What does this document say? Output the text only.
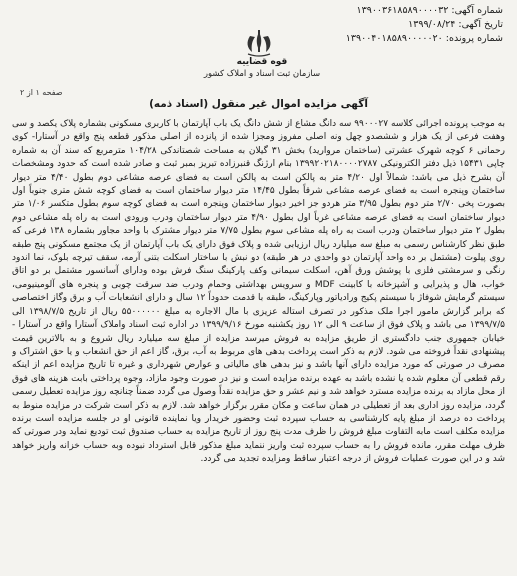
شماره آگهی: ۱۳۹۰۰۳۶۱۸۵۸۹۰۰۰۰۳۲
تاریخ آگهی: ۱۳۹۹/۰۸/۲۴
شماره پرونده: ۱۳۹۰۰۴۰۱۸۵۸۹۰۰۰۰۰۲۰
قوه قضاییه
سازمان ثبت اسناد و املاک کشور
صفحه ۱ از ۲
آگهی مزایده اموال غیر منقول (اسناد ذمه)

به موجب پرونده اجرائی کلاسه ۹۹۰۰۰۲۷ سه دانگ مشاع از شش دانگ یک باب آپارتمان با کاربری مسکونی بشماره پلاک یکصد و سی وهفت فرعی از یک هزار و ششصدو چهل ونه اصلی مفروز ومجزا شده از پانزده از اصلی مذکور قطعه پنج واقع در آستارا- کوی رحمانی ۶ کوچه شهرک عشرتی (ساختمان مروارید) بخش ۳۱ گیلان به مساحت شصتاندکی ۱۰۴/۲۸ مترمربع که سند آن به شماره چاپی ۱۵۴۳۱ ذیل دفتر الکترونیکی ۱۳۹۹۲۰۲۱۸۰۰۰۰۲۷۸۷ بنام ارژنگ قنبرزاده تبریز بمبر ثبت و صادر شده است که حدود ومشخصات آن بشرح ذیل می باشد: شمالاً اول ۴/۲۰ متر به پالکن است به پالکن است به فضای عرصه مشاعی دوم بطول ۴/۴۰ متر دیوار ساختمان وپنجره است به فضای عرصه مشاعی شرقاً بطول ۱۴/۴۵ متر دیوار ساختمان است به فضای کوچه شش متری جنوباً اول بصورت پخی ۲/۷۰ متر دوم بطول ۳/۹۵ متر هردو جز اخیر دیوار ساختمان وپنجره است به فضای کوچه سوم بطول متکسر ۱/۰۶ متر دیوار ساختمان است به فضای عرصه مشاعی غرباً اول بطول ۴/۹۰ متر دیوار ساختمان ودرب ورودی است به راه پله مشاعی دوم بطول ۲ متر دیوار ساختمان ودرب است به راه پله مشاعی سوم بطول ۷/۷۵ متر دیوار مشترک با واحد مجاور بشماره ۱۳۸ فرعی که طبق نظر کارشناس رسمی به مبلغ سه میلیارد ریال ارزیابی شده و پلاک فوق دارای یک باب آپارتمان از یک مجتمع مسکونی پنج طبقه روی پیلوت (مشتمل بر ده واحد آپارتمان دو واحدی در هر طبقه) دو نبش با ساختار اسکلت بتنی آرمه، سقف تیرچه بلوک، نما اندود رنگی و سرمشتی فلزی با پوشش ورق آهن، اسکلت سیمانی وکف پارکینگ سنگ فرش بوده ودارای آسانسور مشتمل بر دو اتاق خواب، هال و پذیرایی و آشپزخانه با کابینت MDF و سرویس بهداشتی وحمام ودرب ضد سرقت چوبی و پنجره های آلومینیومی، سیستم گرمایش شوفاژ با سیستم پکیج ورادیاتور وپارکینگ، طبقه با قدمت حدوداً ۱۲ سال و دارای انشعابات آب و برق وگاز اختصاصی که برابر گزارش مامور اجرا ملک مذکور در تصرف استاله عزیزی با مال الاجاره به مبلغ ۵۵۰۰۰۰۰۰ ریال از تاریخ ۱۳۹۸/۷/۵ الی ۱۳۹۹/۷/۵ می باشد و پلاک فوق از ساعت ۹ الی ۱۲ روز یکشنبه مورخ ۱۳۹۹/۹/۱۶ در اداره ثبت اسناد واملاک آستارا واقع در آستارا - خیابان جمهوری جنب دادگستری از طریق مزایده به فروش میرسد مزایده از مبلغ سه میلیارد ریال شروع و به بالاترین قیمت پیشنهادی نقداً فروخته می شود. لازم به ذکر است پرداخت بدهی های مربوط به آب، برق، گاز اعم از حق انشعاب و یا حق اشتراک و مصرف در صورتی که مورد مزایده دارای آنها باشد و نیز بدهی های مالیاتی و عوارض شهرداری و غیره تا تاریخ مزایده اعم از اینکه رقم قطعی آن معلوم شده یا نشده باشد به عهده برنده مزایده است و نیز در صورت وجود مازاد، وجوه پرداختی بابت هزینه های فوق از محل مازاد به برنده مزایده مسترد خواهد شد و نیم عشر و حق مزایده نقداً وصول می گردد ضمناً چنانچه روز مزایده تعطیل رسمی گردد، مزایده روز اداری بعد از تعطیلی در همان ساعت و مکان مقرر برگزار خواهد شد. لازم به ذکر است شرکت در مزایده منوط به پرداخت ده درصد از مبلغ پایه کارشناسی به حساب سپرده ثبت وحضور خریدار ویا نماینده قانونی او در جلسه مزایده است برنده مزایده مکلف است مابه التفاوت مبلغ فروش را ظرف مدت پنج روز از تاریخ مزایده به حساب صندوق ثبت تودیع نماید ودر صورتی که ظرف مهلت مقرر، مانده فروش را به حساب سپرده ثبت واریز ننماید مبلغ مذکور قابل استرداد نبوده وبه حساب خزانه واریز خواهد شد و در این صورت عملیات فروش از درجه اعتبار ساقط ومزایده تجدید می گردد.
